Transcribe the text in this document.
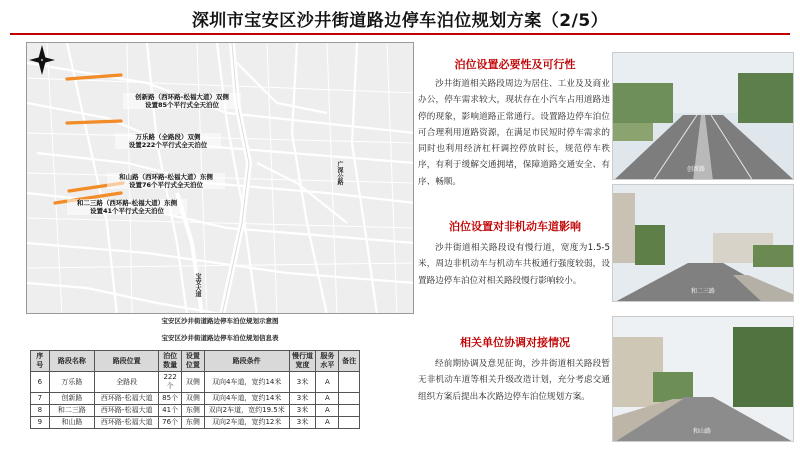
深圳市宝安区沙井街道路边停车泊位规划方案（2/5）
创新路（西环路-松福大道）双侧
设置85个平行式全天泊位
万乐路（全路段）双侧
设置222个平行式全天泊位
和山路（西环路-松福大道）东侧
设置76个平行式全天泊位
和二三路（西环路-松福大道）东侧
设置41个平行式全天泊位
广深公路
宝安大道
宝安区沙井街道路边停车泊位规划示意图
宝安区沙井街道路边停车泊位规划信息表
序号	路段名称	路段位置	泊位数量	设置位置	路段条件	慢行道宽度	服务水平	备注
6	万乐路	全路段	222个	双侧	双向4车道，宽约14米	3米	A	
7	创新路	西环路-松福大道	85个	双侧	双向4车道，宽约14米	3米	A	
8	和二三路	西环路-松福大道	41个	东侧	双向2车道，宽约19.5米	3米	A	
9	和山路	西环路-松福大道	76个	东侧	双向2车道，宽约12米	3米	A	
泊位设置必要性及可行性
沙井街道相关路段周边为居住、工业及及商业办公，停车需求较大，现状存在小汽车占用道路违停的现象，影响道路正常通行。设置路边停车泊位可合理利用道路资源，在满足市民短时停车需求的同时也利用经济杠杆调控停放时长，规范停车秩序，有利于缓解交通拥堵，保障道路交通安全、有序、畅顺。
泊位设置对非机动车道影响
沙井街道相关路段设有慢行道，宽度为1.5-5米，周边非机动车与机动车共板通行强度较弱，设置路边停车泊位对相关路段慢行影响较小。
相关单位协调对接情况
经前期协调及意见征询，沙井街道相关路段暂无非机动车道等相关升级改造计划，充分考虑交通组织方案后提出本次路边停车泊位规划方案。
创新路
和二三路
和山路
